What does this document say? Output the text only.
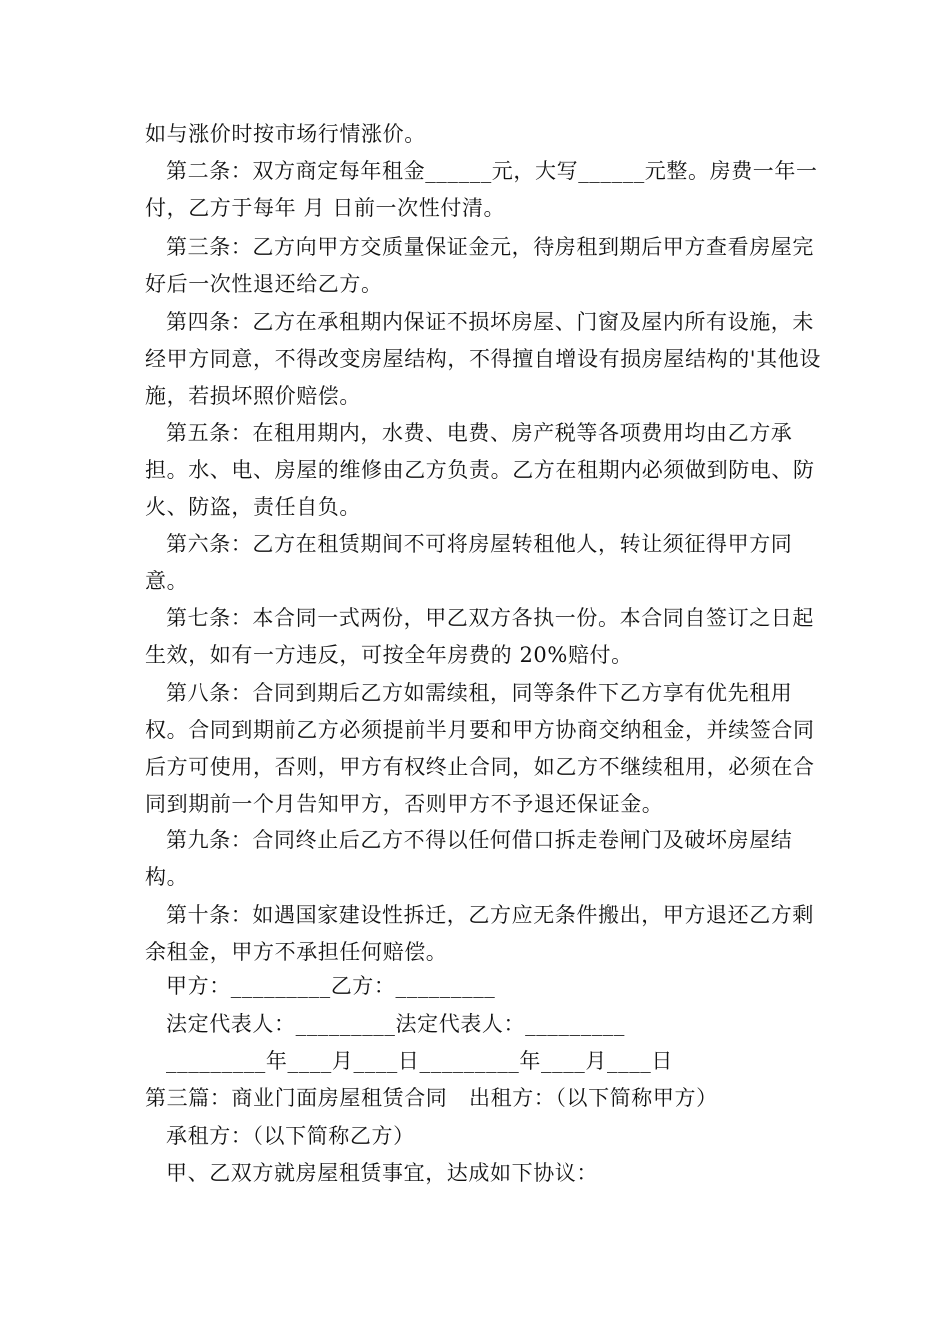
如与涨价时按市场行情涨价。
第二条：双方商定每年租金______元，大写______元整。房费一年一付，乙方于每年 月 日前一次性付清。
第三条：乙方向甲方交质量保证金元，待房租到期后甲方查看房屋完好后一次性退还给乙方。
第四条：乙方在承租期内保证不损坏房屋、门窗及屋内所有设施，未经甲方同意，不得改变房屋结构，不得擅自增设有损房屋结构的'其他设施，若损坏照价赔偿。
第五条：在租用期内，水费、电费、房产税等各项费用均由乙方承担。水、电、房屋的维修由乙方负责。乙方在租期内必须做到防电、防火、防盗，责任自负。
第六条：乙方在租赁期间不可将房屋转租他人，转让须征得甲方同意。
第七条：本合同一式两份，甲乙双方各执一份。本合同自签订之日起生效，如有一方违反，可按全年房费的 20%赔付。
第八条：合同到期后乙方如需续租，同等条件下乙方享有优先租用权。合同到期前乙方必须提前半月要和甲方协商交纳租金，并续签合同后方可使用，否则，甲方有权终止合同，如乙方不继续租用，必须在合同到期前一个月告知甲方，否则甲方不予退还保证金。
第九条：合同终止后乙方不得以任何借口拆走卷闸门及破坏房屋结构。
第十条：如遇国家建设性拆迁，乙方应无条件搬出，甲方退还乙方剩余租金，甲方不承担任何赔偿。
甲方：_________乙方：_________
法定代表人：_________法定代表人：_________
_________年____月____日_________年____月____日
第三篇：商业门面房屋租赁合同　出租方：（以下简称甲方）
承租方：（以下简称乙方）
甲、乙双方就房屋租赁事宜，达成如下协议：
